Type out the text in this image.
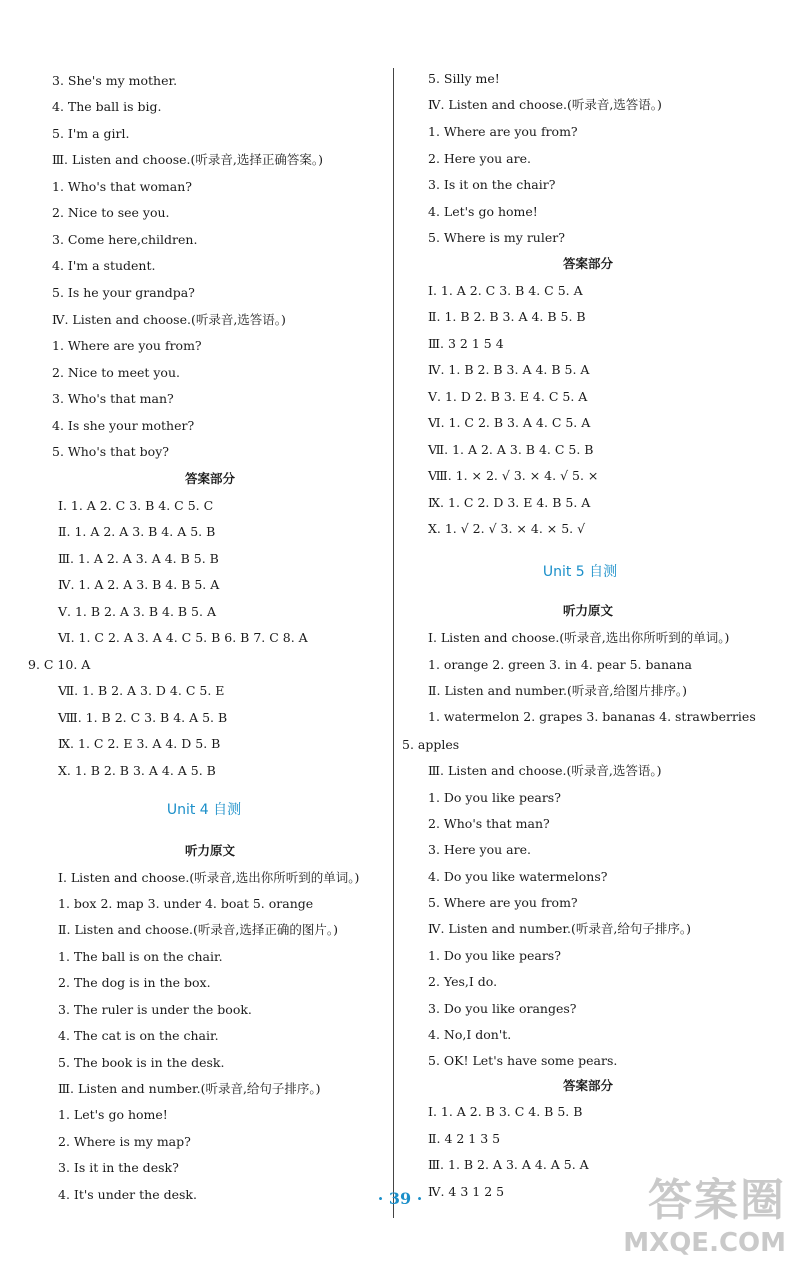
3. She's my mother.
4. The ball is big.
5. I'm a girl.
Ⅲ. Listen and choose.(听录音,选择正确答案。)
1. Who's that woman?
2. Nice to see you.
3. Come here,children.
4. I'm a student.
5. Is he your grandpa?
Ⅳ. Listen and choose.(听录音,选答语。)
1. Where are you from?
2. Nice to meet you.
3. Who's that man?
4. Is she your mother?
5. Who's that boy?
答案部分
Ⅰ. 1. A 2. C 3. B 4. C 5. C
Ⅱ. 1. A 2. A 3. B 4. A 5. B
Ⅲ. 1. A 2. A 3. A 4. B 5. B
Ⅳ. 1. A 2. A 3. B 4. B 5. A
Ⅴ. 1. B 2. A 3. B 4. B 5. A
Ⅵ. 1. C 2. A 3. A 4. C 5. B 6. B 7. C 8. A
9. C 10. A
Ⅶ. 1. B 2. A 3. D 4. C 5. E
Ⅷ. 1. B 2. C 3. B 4. A 5. B
Ⅸ. 1. C 2. E 3. A 4. D 5. B
Ⅹ. 1. B 2. B 3. A 4. A 5. B
Unit 4 自测
听力原文
Ⅰ. Listen and choose.(听录音,选出你所听到的单词。)
1. box 2. map 3. under 4. boat 5. orange
Ⅱ. Listen and choose.(听录音,选择正确的图片。)
1. The ball is on the chair.
2. The dog is in the box.
3. The ruler is under the book.
4. The cat is on the chair.
5. The book is in the desk.
Ⅲ. Listen and number.(听录音,给句子排序。)
1. Let's go home!
2. Where is my map?
3. Is it in the desk?
4. It's under the desk.
5. Silly me!
Ⅳ. Listen and choose.(听录音,选答语。)
1. Where are you from?
2. Here you are.
3. Is it on the chair?
4. Let's go home!
5. Where is my ruler?
答案部分
Ⅰ. 1. A 2. C 3. B 4. C 5. A
Ⅱ. 1. B 2. B 3. A 4. B 5. B
Ⅲ. 3 2 1 5 4
Ⅳ. 1. B 2. B 3. A 4. B 5. A
Ⅴ. 1. D 2. B 3. E 4. C 5. A
Ⅵ. 1. C 2. B 3. A 4. C 5. A
Ⅶ. 1. A 2. A 3. B 4. C 5. B
Ⅷ. 1. × 2. √ 3. × 4. √ 5. ×
Ⅸ. 1. C 2. D 3. E 4. B 5. A
Ⅹ. 1. √ 2. √ 3. × 4. × 5. √
Unit 5 自测
听力原文
Ⅰ. Listen and choose.(听录音,选出你所听到的单词。)
1. orange 2. green 3. in 4. pear 5. banana
Ⅱ. Listen and number.(听录音,给图片排序。)
1. watermelon 2. grapes 3. bananas 4. strawberries
5. apples
Ⅲ. Listen and choose.(听录音,选答语。)
1. Do you like pears?
2. Who's that man?
3. Here you are.
4. Do you like watermelons?
5. Where are you from?
Ⅳ. Listen and number.(听录音,给句子排序。)
1. Do you like pears?
2. Yes,I do.
3. Do you like oranges?
4. No,I don't.
5. OK! Let's have some pears.
答案部分
Ⅰ. 1. A 2. B 3. C 4. B 5. B
Ⅱ. 4 2 1 3 5
Ⅲ. 1. B 2. A 3. A 4. A 5. A
Ⅳ. 4 3 1 2 5
· 39 ·	答案圈
MXQE.COM
